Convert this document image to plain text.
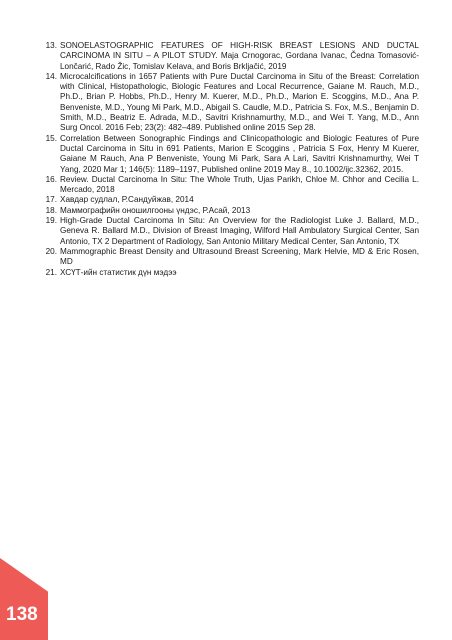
13. SONOELASTOGRAPHIC FEATURES OF HIGH-RISK BREAST LESIONS AND DUCTAL CARCINOMA IN SITU – A PILOT STUDY. Maja Crnogorac, Gordana Ivanac, Čedna Tomasović-Lončarić, Rado Žic, Tomislav Kelava, and Boris Brkljačić, 2019
14. Microcalcifications in 1657 Patients with Pure Ductal Carcinoma in Situ of the Breast: Correlation with Clinical, Histopathologic, Biologic Features and Local Recurrence, Gaiane M. Rauch, M.D., Ph.D., Brian P. Hobbs, Ph.D., Henry M. Kuerer, M.D., Ph.D., Marion E. Scoggins, M.D., Ana P. Benveniste, M.D., Young Mi Park, M.D., Abigail S. Caudle, M.D., Patricia S. Fox, M.S., Benjamin D. Smith, M.D., Beatriz E. Adrada, M.D., Savitri Krishnamurthy, M.D., and Wei T. Yang, M.D., Ann Surg Oncol. 2016 Feb; 23(2): 482–489. Published online 2015 Sep 28.
15. Correlation Between Sonographic Findings and Clinicopathologic and Biologic Features of Pure Ductal Carcinoma in Situ in 691 Patients, Marion E Scoggins , Patricia S Fox, Henry M Kuerer, Gaiane M Rauch, Ana P Benveniste, Young Mi Park, Sara A Lari, Savitri Krishnamurthy, Wei T Yang, 2020 Mar 1; 146(5): 1189–1197, Published online 2019 May 8., 10.1002/ijc.32362, 2015.
16. Review. Ductal Carcinoma In Situ: The Whole Truth, Ujas Parikh, Chloe M. Chhor and Cecilia L. Mercado, 2018
17. Хавдар судлал, Р.Сандуйжав, 2014
18. Маммографийн оношилгооны үндэс, Р.Асай, 2013
19. High-Grade Ductal Carcinoma In Situ: An Overview for the Radiologist Luke J. Ballard, M.D., Geneva R. Ballard M.D., Division of Breast Imaging, Wilford Hall Ambulatory Surgical Center, San Antonio, TX 2 Department of Radiology, San Antonio Military Medical Center, San Antonio, TX
20. Mammographic Breast Density and Ultrasound Breast Screening, Mark Helvie, MD & Eric Rosen, MD
21. ХСҮТ-ийн статистик дүн мэдээ
138
